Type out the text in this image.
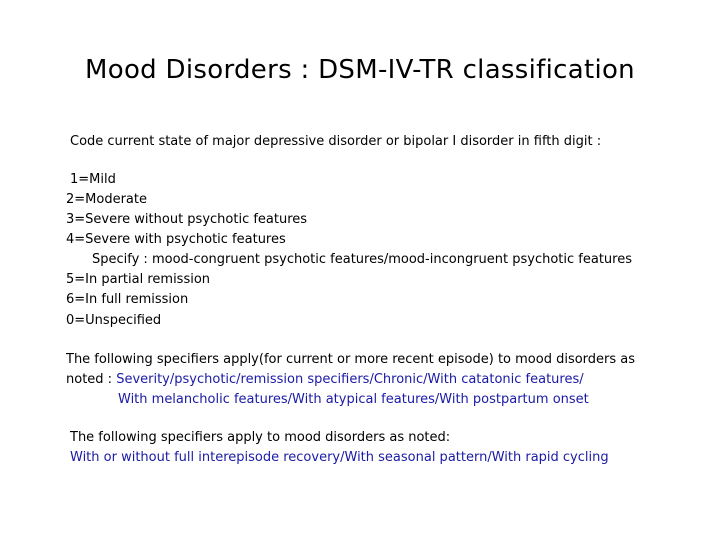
Mood Disorders : DSM-IV-TR classification
Code current state of major depressive disorder or bipolar I disorder in fifth digit :
1=Mild
2=Moderate
3=Severe without psychotic features
4=Severe with psychotic features
Specify : mood-congruent psychotic features/mood-incongruent psychotic features
5=In partial remission
6=In full remission
0=Unspecified
The following specifiers apply(for current or more recent episode) to mood disorders as
noted : Severity/psychotic/remission specifiers/Chronic/With catatonic features/
With melancholic features/With atypical features/With postpartum onset
The following specifiers apply to mood disorders as noted:
With or without full interepisode recovery/With seasonal pattern/With rapid cycling
